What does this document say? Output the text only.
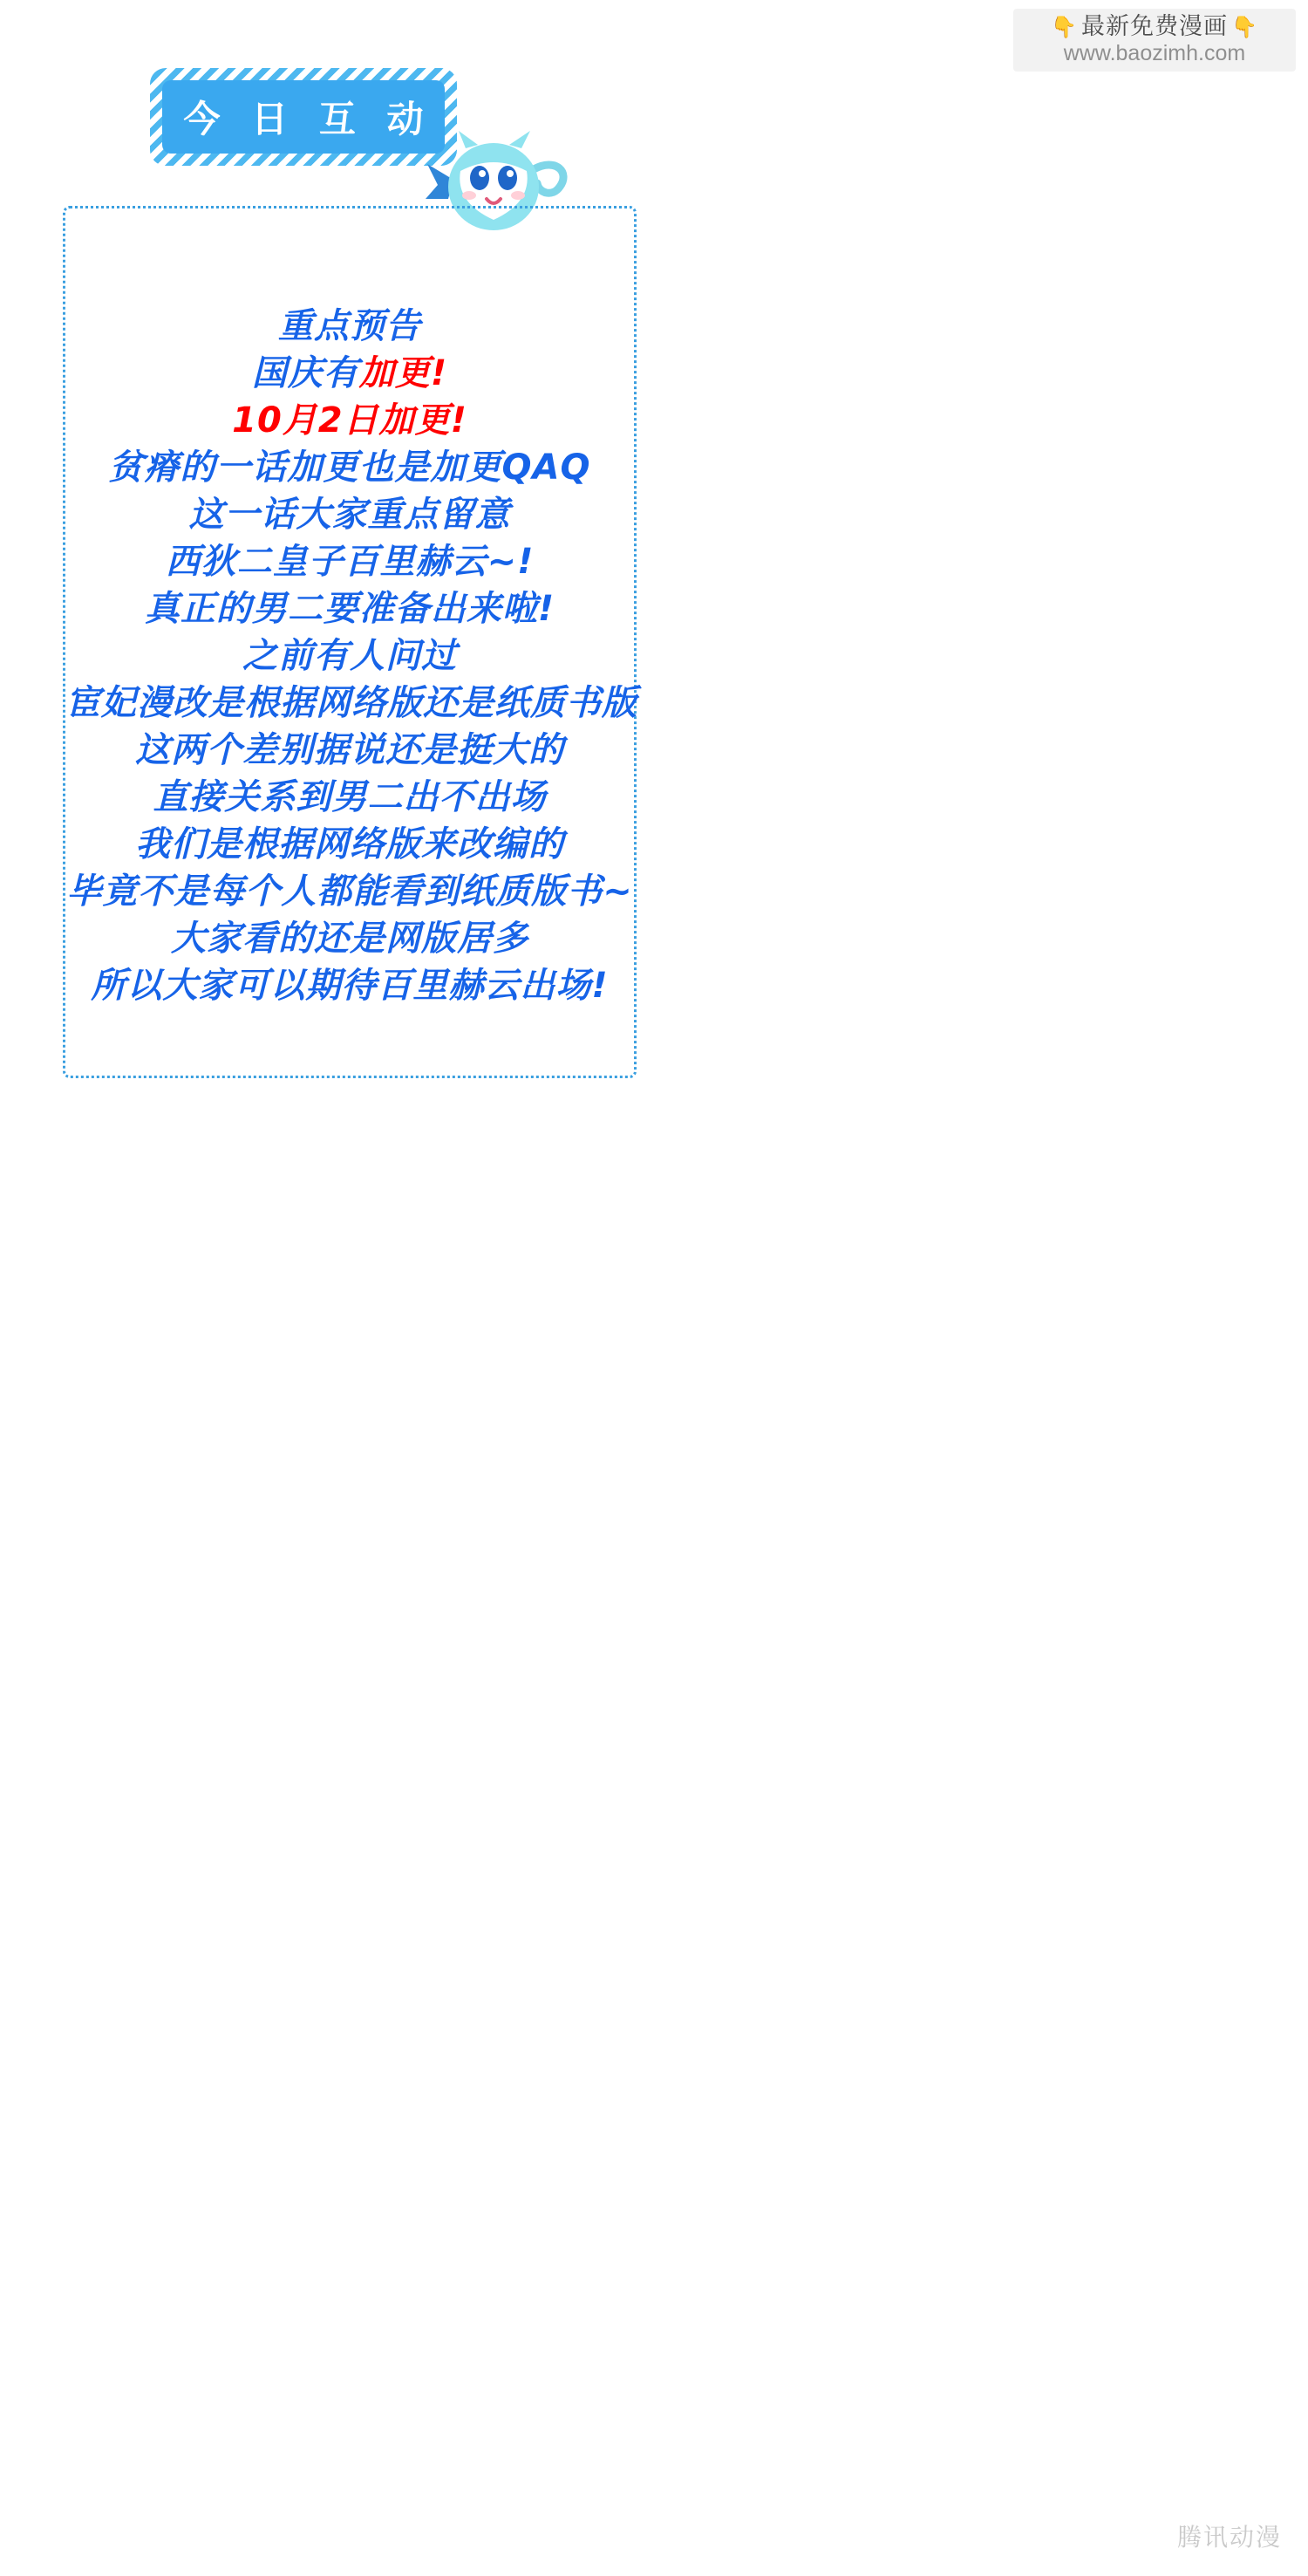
👇 最新免费漫画 👇
www.baozimh.com
今 日 互 动
重点预告
国庆有加更!
10月2日加更!
贫瘠的一话加更也是加更QAQ
这一话大家重点留意
西狄二皇子百里赫云~!
真正的男二要准备出来啦!
之前有人问过
宦妃漫改是根据网络版还是纸质书版
这两个差别据说还是挺大的
直接关系到男二出不出场
我们是根据网络版来改编的
毕竟不是每个人都能看到纸质版书~
大家看的还是网版居多
所以大家可以期待百里赫云出场!
腾讯动漫
